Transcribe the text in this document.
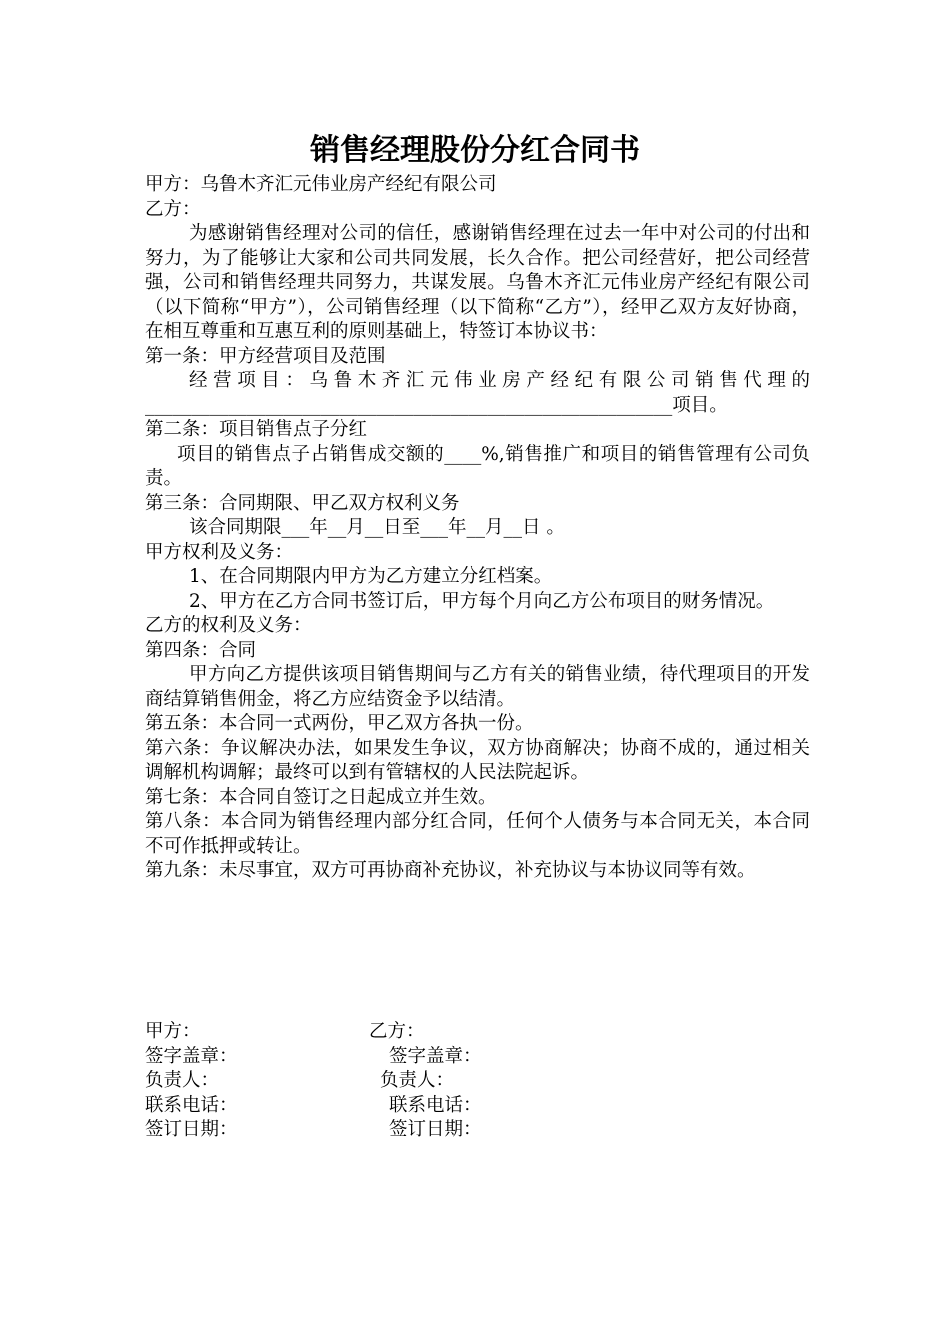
销售经理股份分红合同书

甲方：乌鲁木齐汇元伟业房产经纪有限公司

乙方：

为感谢销售经理对公司的信任，感谢销售经理在过去一年中对公司的付出和努力，为了能够让大家和公司共同发展，长久合作。把公司经营好，把公司经营强，公司和销售经理共同努力，共谋发展。乌鲁木齐汇元伟业房产经纪有限公司（以下简称“甲方”），公司销售经理（以下简称“乙方”），经甲乙双方友好协商，在相互尊重和互惠互利的原则基础上，特签订本协议书：

第一条：甲方经营项目及范围

经营项目：乌鲁木齐汇元伟业房产经纪有限公司销售代理的_________________________________________________________项目。

第二条：项目销售点子分红

项目的销售点子占销售成交额的____%,销售推广和项目的销售管理有公司负责。

第三条：合同期限、甲乙双方权利义务

该合同期限___年__月__日至___年__月__日 。

甲方权利及义务：

1、在合同期限内甲方为乙方建立分红档案。

2、甲方在乙方合同书签订后，甲方每个月向乙方公布项目的财务情况。

乙方的权利及义务：

第四条：合同

甲方向乙方提供该项目销售期间与乙方有关的销售业绩，待代理项目的开发商结算销售佣金，将乙方应结资金予以结清。

第五条：本合同一式两份，甲乙双方各执一份。

第六条：争议解决办法，如果发生争议，双方协商解决；协商不成的，通过相关调解机构调解；最终可以到有管辖权的人民法院起诉。

第七条：本合同自签订之日起成立并生效。

第八条：本合同为销售经理内部分红合同，任何个人债务与本合同无关，本合同不可作抵押或转让。

第九条：未尽事宜，双方可再协商补充协议，补充协议与本协议同等有效。

甲方：	乙方：
签字盖章：	签字盖章：
负责人：	负责人：
联系电话：	联系电话：
签订日期：	签订日期：
